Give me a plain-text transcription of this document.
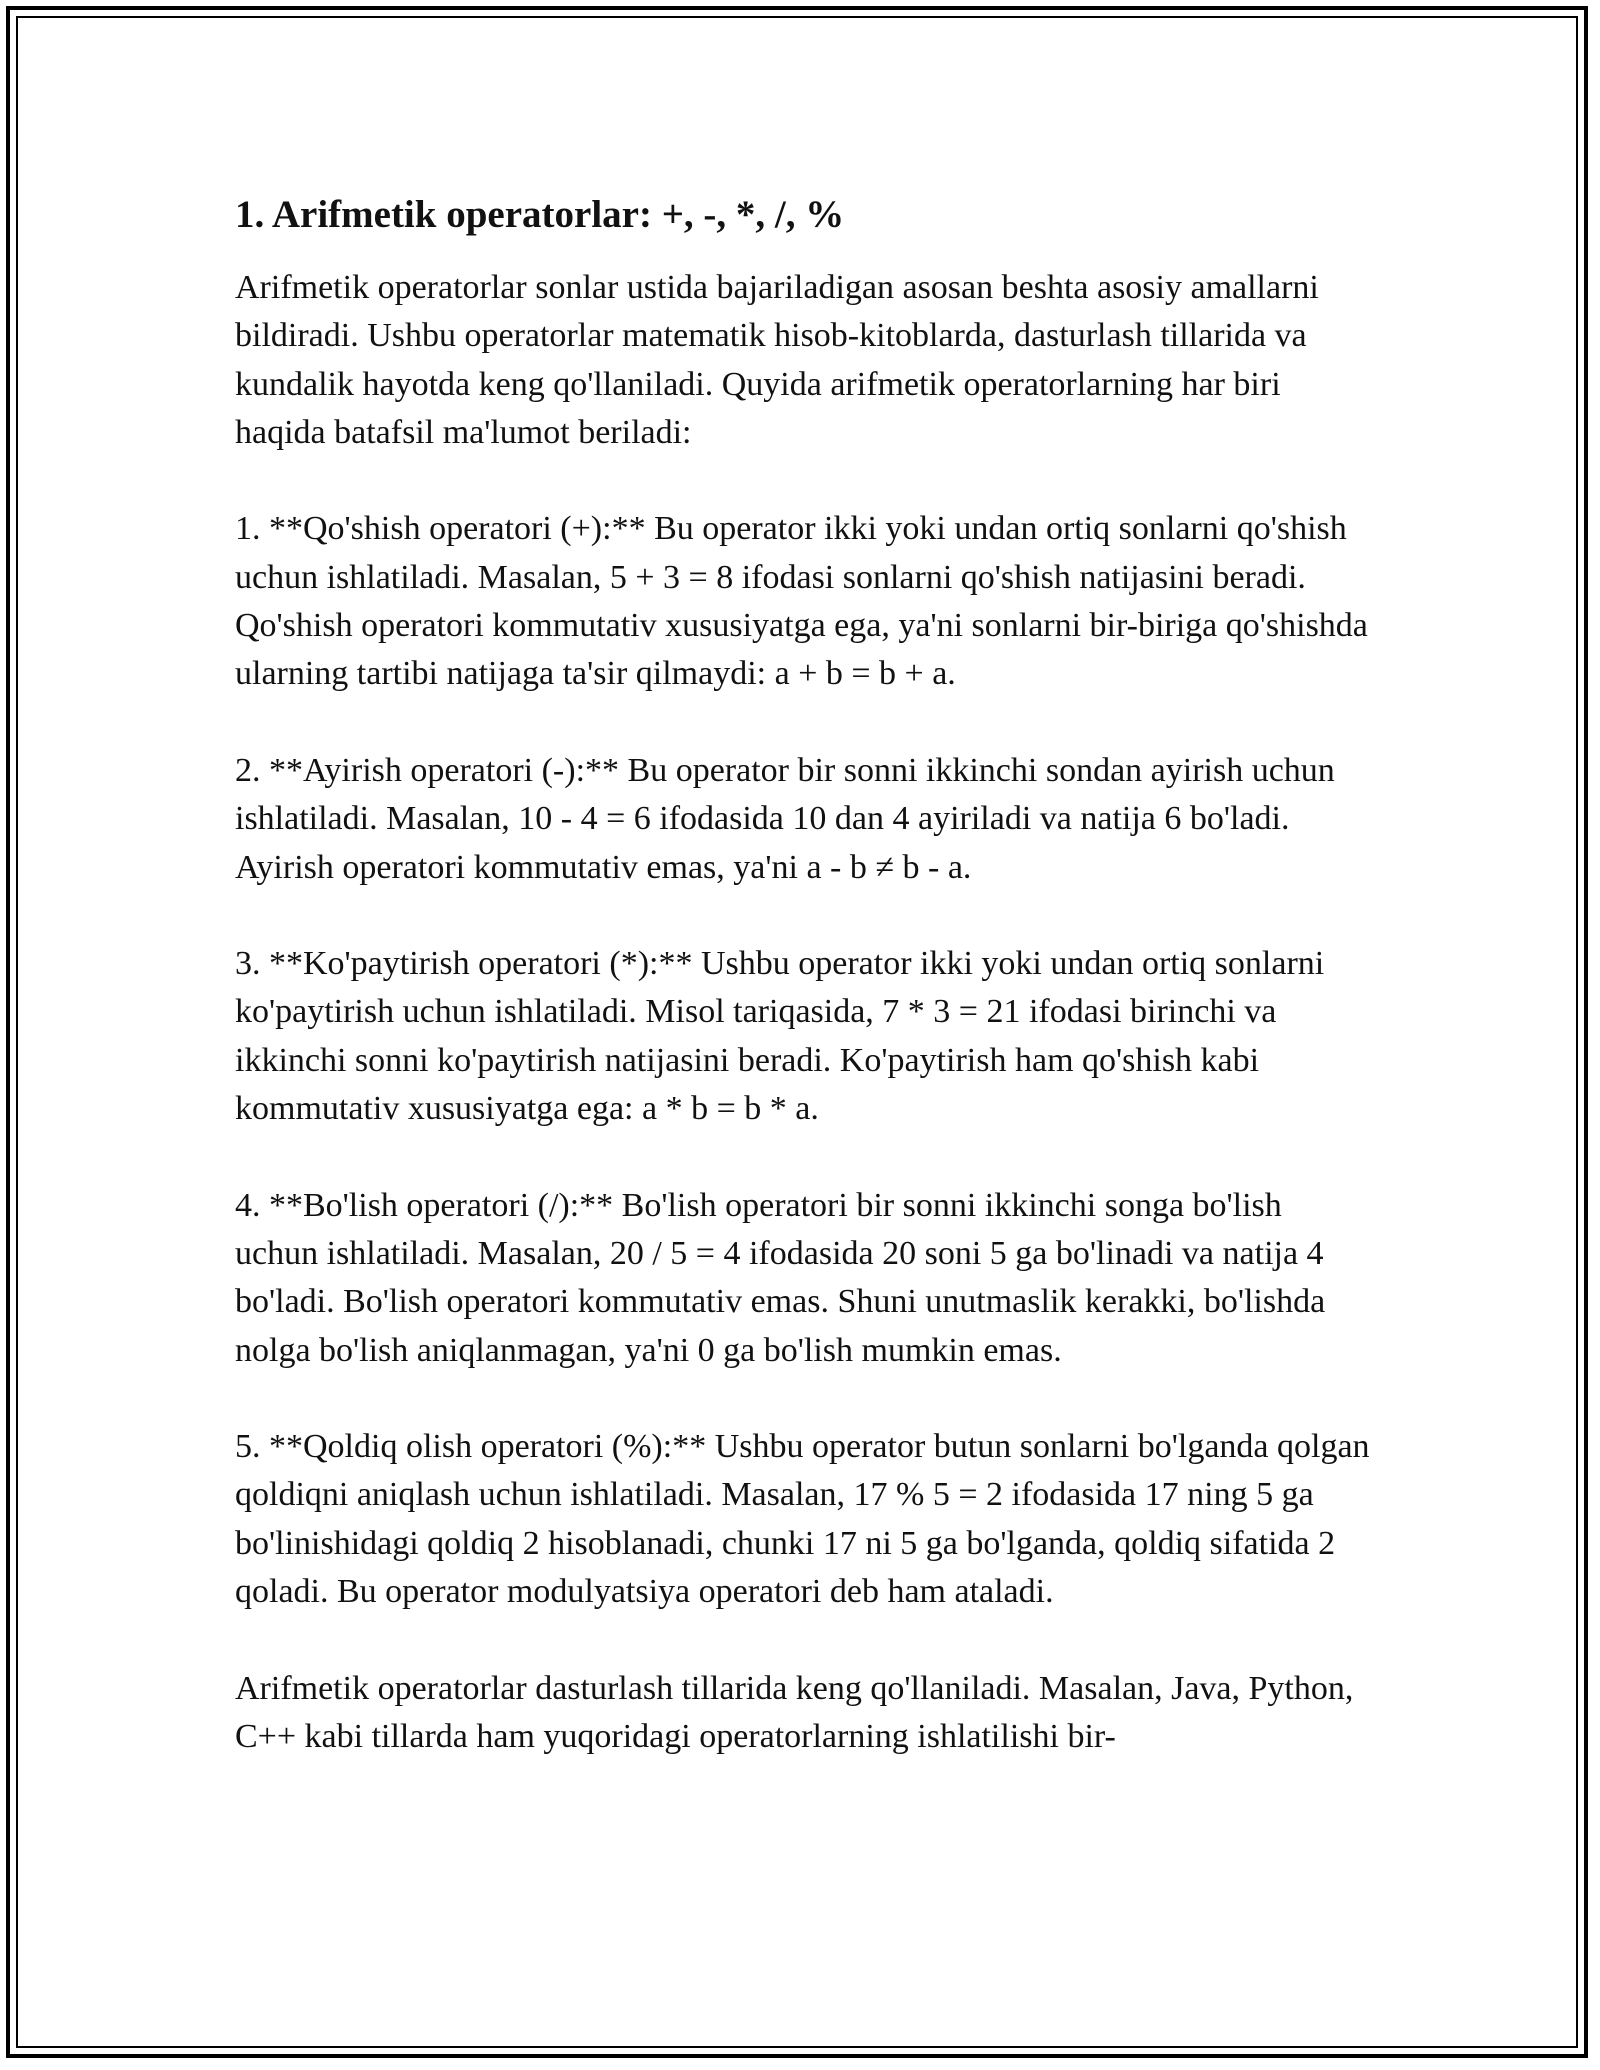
1. Arifmetik operatorlar: +, -, *, /, %

Arifmetik operatorlar sonlar ustida bajariladigan asosan beshta asosiy amallarni bildiradi. Ushbu operatorlar matematik hisob-kitoblarda, dasturlash tillarida va kundalik hayotda keng qo'llaniladi. Quyida arifmetik operatorlarning har biri haqida batafsil ma'lumot beriladi:

1. **Qo'shish operatori (+):** Bu operator ikki yoki undan ortiq sonlarni qo'shish uchun ishlatiladi. Masalan, 5 + 3 = 8 ifodasi sonlarni qo'shish natijasini beradi. Qo'shish operatori kommutativ xususiyatga ega, ya'ni sonlarni bir-biriga qo'shishda ularning tartibi natijaga ta'sir qilmaydi: a + b = b + a.

2. **Ayirish operatori (-):** Bu operator bir sonni ikkinchi sondan ayirish uchun ishlatiladi. Masalan, 10 - 4 = 6 ifodasida 10 dan 4 ayiriladi va natija 6 bo'ladi. Ayirish operatori kommutativ emas, ya'ni a - b ≠ b - a.

3. **Ko'paytirish operatori (*):** Ushbu operator ikki yoki undan ortiq sonlarni ko'paytirish uchun ishlatiladi. Misol tariqasida, 7 * 3 = 21 ifodasi birinchi va ikkinchi sonni ko'paytirish natijasini beradi. Ko'paytirish ham qo'shish kabi kommutativ xususiyatga ega: a * b = b * a.

4. **Bo'lish operatori (/):** Bo'lish operatori bir sonni ikkinchi songa bo'lish uchun ishlatiladi. Masalan, 20 / 5 = 4 ifodasida 20 soni 5 ga bo'linadi va natija 4 bo'ladi. Bo'lish operatori kommutativ emas. Shuni unutmaslik kerakki, bo'lishda nolga bo'lish aniqlanmagan, ya'ni 0 ga bo'lish mumkin emas.

5. **Qoldiq olish operatori (%):** Ushbu operator butun sonlarni bo'lganda qolgan qoldiqni aniqlash uchun ishlatiladi. Masalan, 17 % 5 = 2 ifodasida 17 ning 5 ga bo'linishidagi qoldiq 2 hisoblanadi, chunki 17 ni 5 ga bo'lganda, qoldiq sifatida 2 qoladi. Bu operator modulyatsiya operatori deb ham ataladi.

Arifmetik operatorlar dasturlash tillarida keng qo'llaniladi. Masalan, Java, Python, C++ kabi tillarda ham yuqoridagi operatorlarning ishlatilishi bir-
